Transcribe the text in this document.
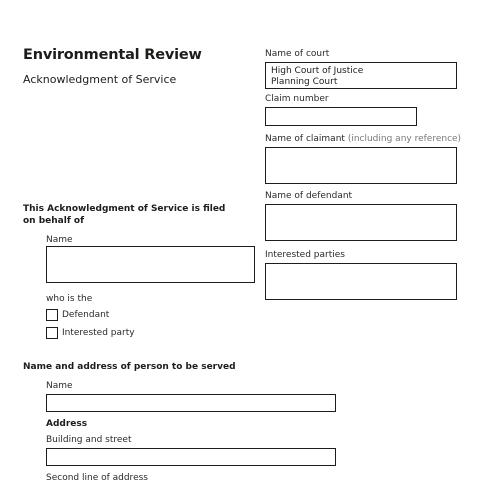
Environmental Review
Acknowledgment of Service
Name of court
High Court of Justice
Planning Court
Claim number
Name of claimant (including any reference)
Name of defendant
Interested parties
This Acknowledgment of Service is filed on behalf of
Name
who is the
Defendant
Interested party
Name and address of person to be served
Name
Address
Building and street
Second line of address
